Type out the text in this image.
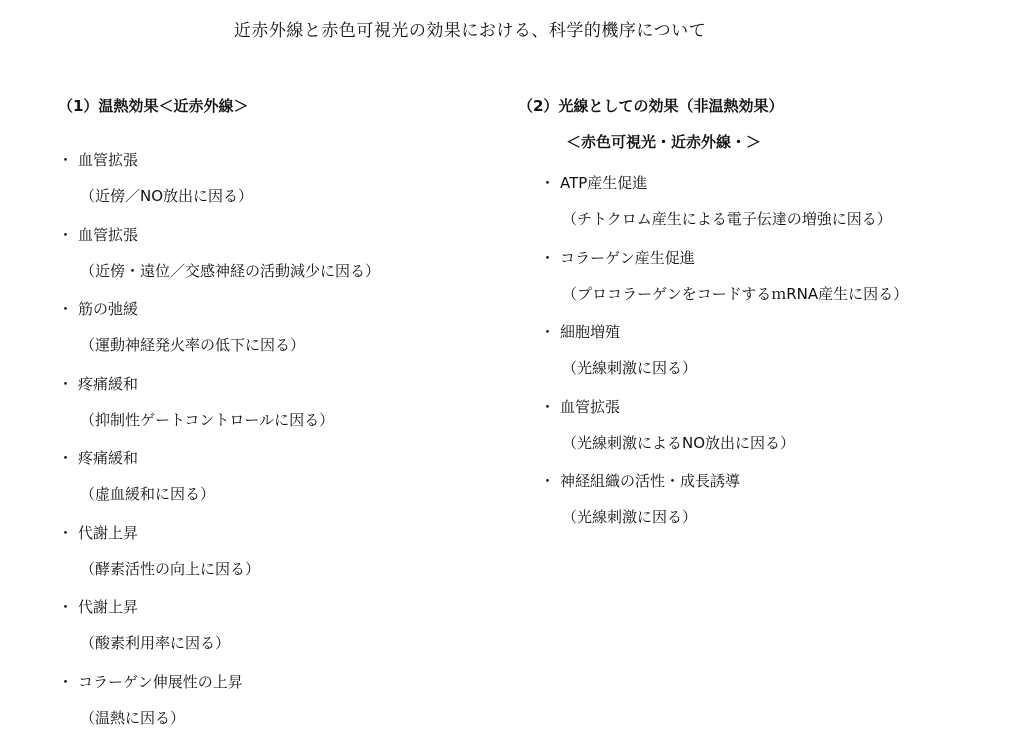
近赤外線と赤色可視光の効果における、科学的機序について
（1）温熱効果＜近赤外線＞
・ 血管拡張
（近傍／NO放出に因る）
・ 血管拡張
（近傍・遠位／交感神経の活動減少に因る）
・ 筋の弛緩
（運動神経発火率の低下に因る）
・ 疼痛緩和
（抑制性ゲートコントロールに因る）
・ 疼痛緩和
（虚血緩和に因る）
・ 代謝上昇
（酵素活性の向上に因る）
・ 代謝上昇
（酸素利用率に因る）
・ コラーゲン伸展性の上昇
（温熱に因る）
（2）光線としての効果（非温熱効果）
＜赤色可視光・近赤外線・＞
・ ATP産生促進
（チトクロム産生による電子伝達の増強に因る）
・ コラーゲン産生促進
（プロコラーゲンをコードするｍRNA産生に因る）
・ 細胞増殖
（光線刺激に因る）
・ 血管拡張
（光線刺激によるNO放出に因る）
・ 神経組織の活性・成長誘導
（光線刺激に因る）
